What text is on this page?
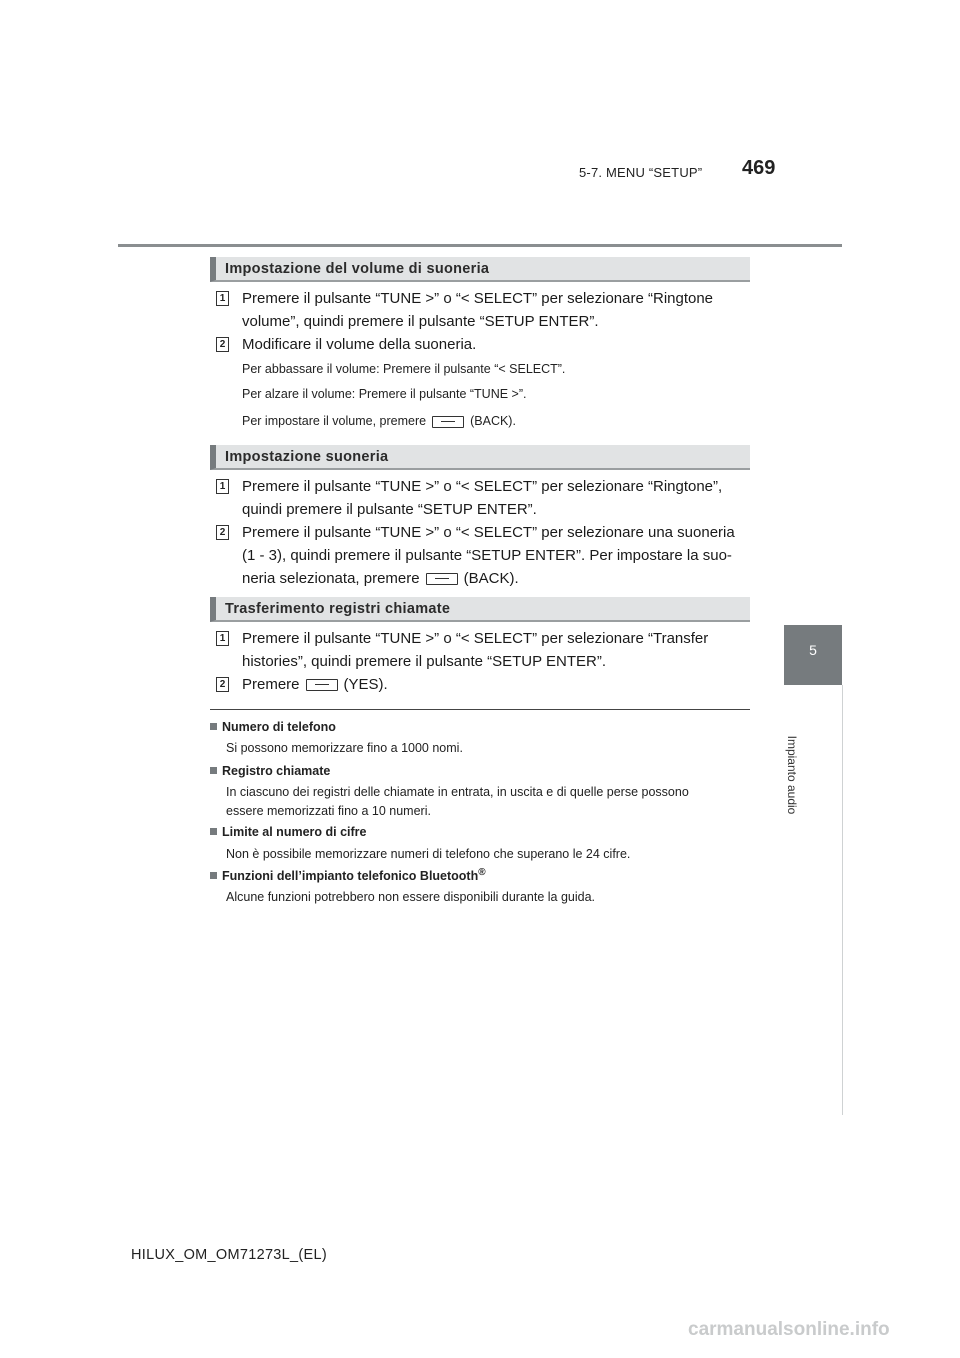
5-7. MENU “SETUP” 469
5
Impianto audio
Impostazione del volume di suoneria
1 Premere il pulsante “TUNE >” o “< SELECT” per selezionare “Ringtone
volume”, quindi premere il pulsante “SETUP ENTER”.
2 Modificare il volume della suoneria.
Per abbassare il volume: Premere il pulsante “< SELECT”.
Per alzare il volume: Premere il pulsante “TUNE >”.
Per impostare il volume, premere	(BACK).
Impostazione suoneria
1 Premere il pulsante “TUNE >” o “< SELECT” per selezionare “Ringtone”,
quindi premere il pulsante “SETUP ENTER”.
2 Premere il pulsante “TUNE >” o “< SELECT” per selezionare una suoneria
(1 - 3), quindi premere il pulsante “SETUP ENTER”. Per impostare la suo-
neria selezionata, premere	(BACK).
Trasferimento registri chiamate
1 Premere il pulsante “TUNE >” o “< SELECT” per selezionare “Transfer
histories”, quindi premere il pulsante “SETUP ENTER”.
2 Premere	(YES).
Numero di telefono
Si possono memorizzare fino a 1000 nomi.
Registro chiamate
In ciascuno dei registri delle chiamate in entrata, in uscita e di quelle perse possono
essere memorizzati fino a 10 numeri.
Limite al numero di cifre
Non è possibile memorizzare numeri di telefono che superano le 24 cifre.
Funzioni dell’impianto telefonico Bluetooth®
Alcune funzioni potrebbero non essere disponibili durante la guida.
HILUX_OM_OM71273L_(EL)
carmanualsonline.info
